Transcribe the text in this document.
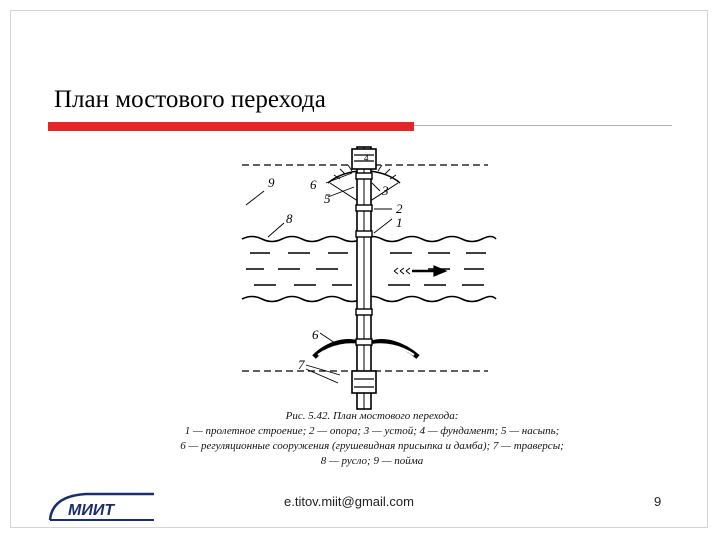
План мостового перехода
9
8
6
5
3
2
1
4
6
7
Рис. 5.42. План мостового перехода:
1 — пролетное строение; 2 — опора; 3 — устой; 4 — фундамент; 5 — насыпь;
6 — регуляционные сооружения (грушевидная присыпка и дамба); 7 — траверсы;
8 — русло; 9 — пойма
МИИТ
e.titov.miit@gmail.com	9
